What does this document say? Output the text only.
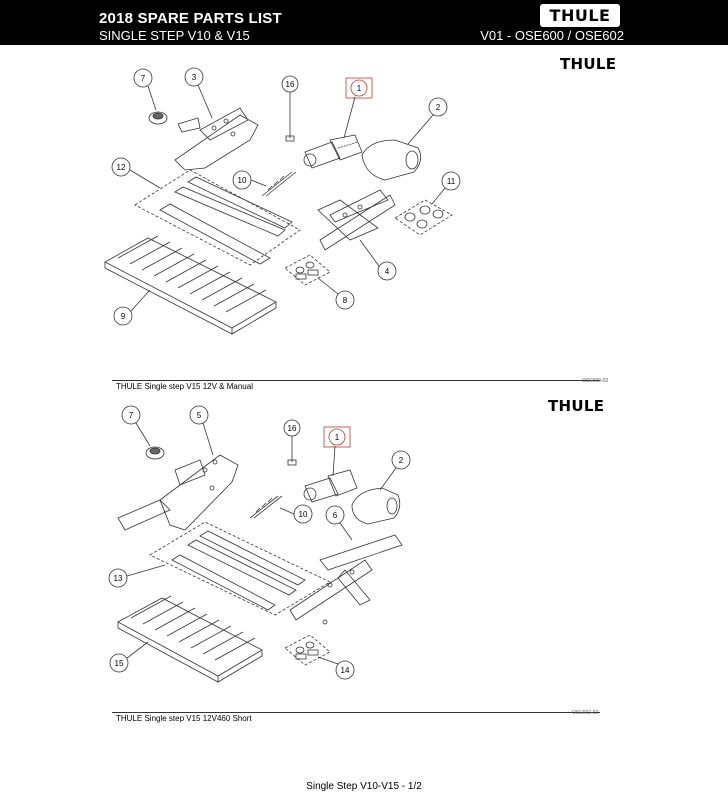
2018 SPARE PARTS LIST
SINGLE STEP V10 & V15	V01 - OSE600 / OSE602
THULE
THULE
THULE Single step V15 12V & Manual
OSE600-02
THULE
THULE Single step V15 12V460 Short
OSE602-02
Single Step V10-V15 - 1/2
7	3
16	1
2
12
10	11
4
8
9
7	5
16
1
2
10	6
13
15
14
